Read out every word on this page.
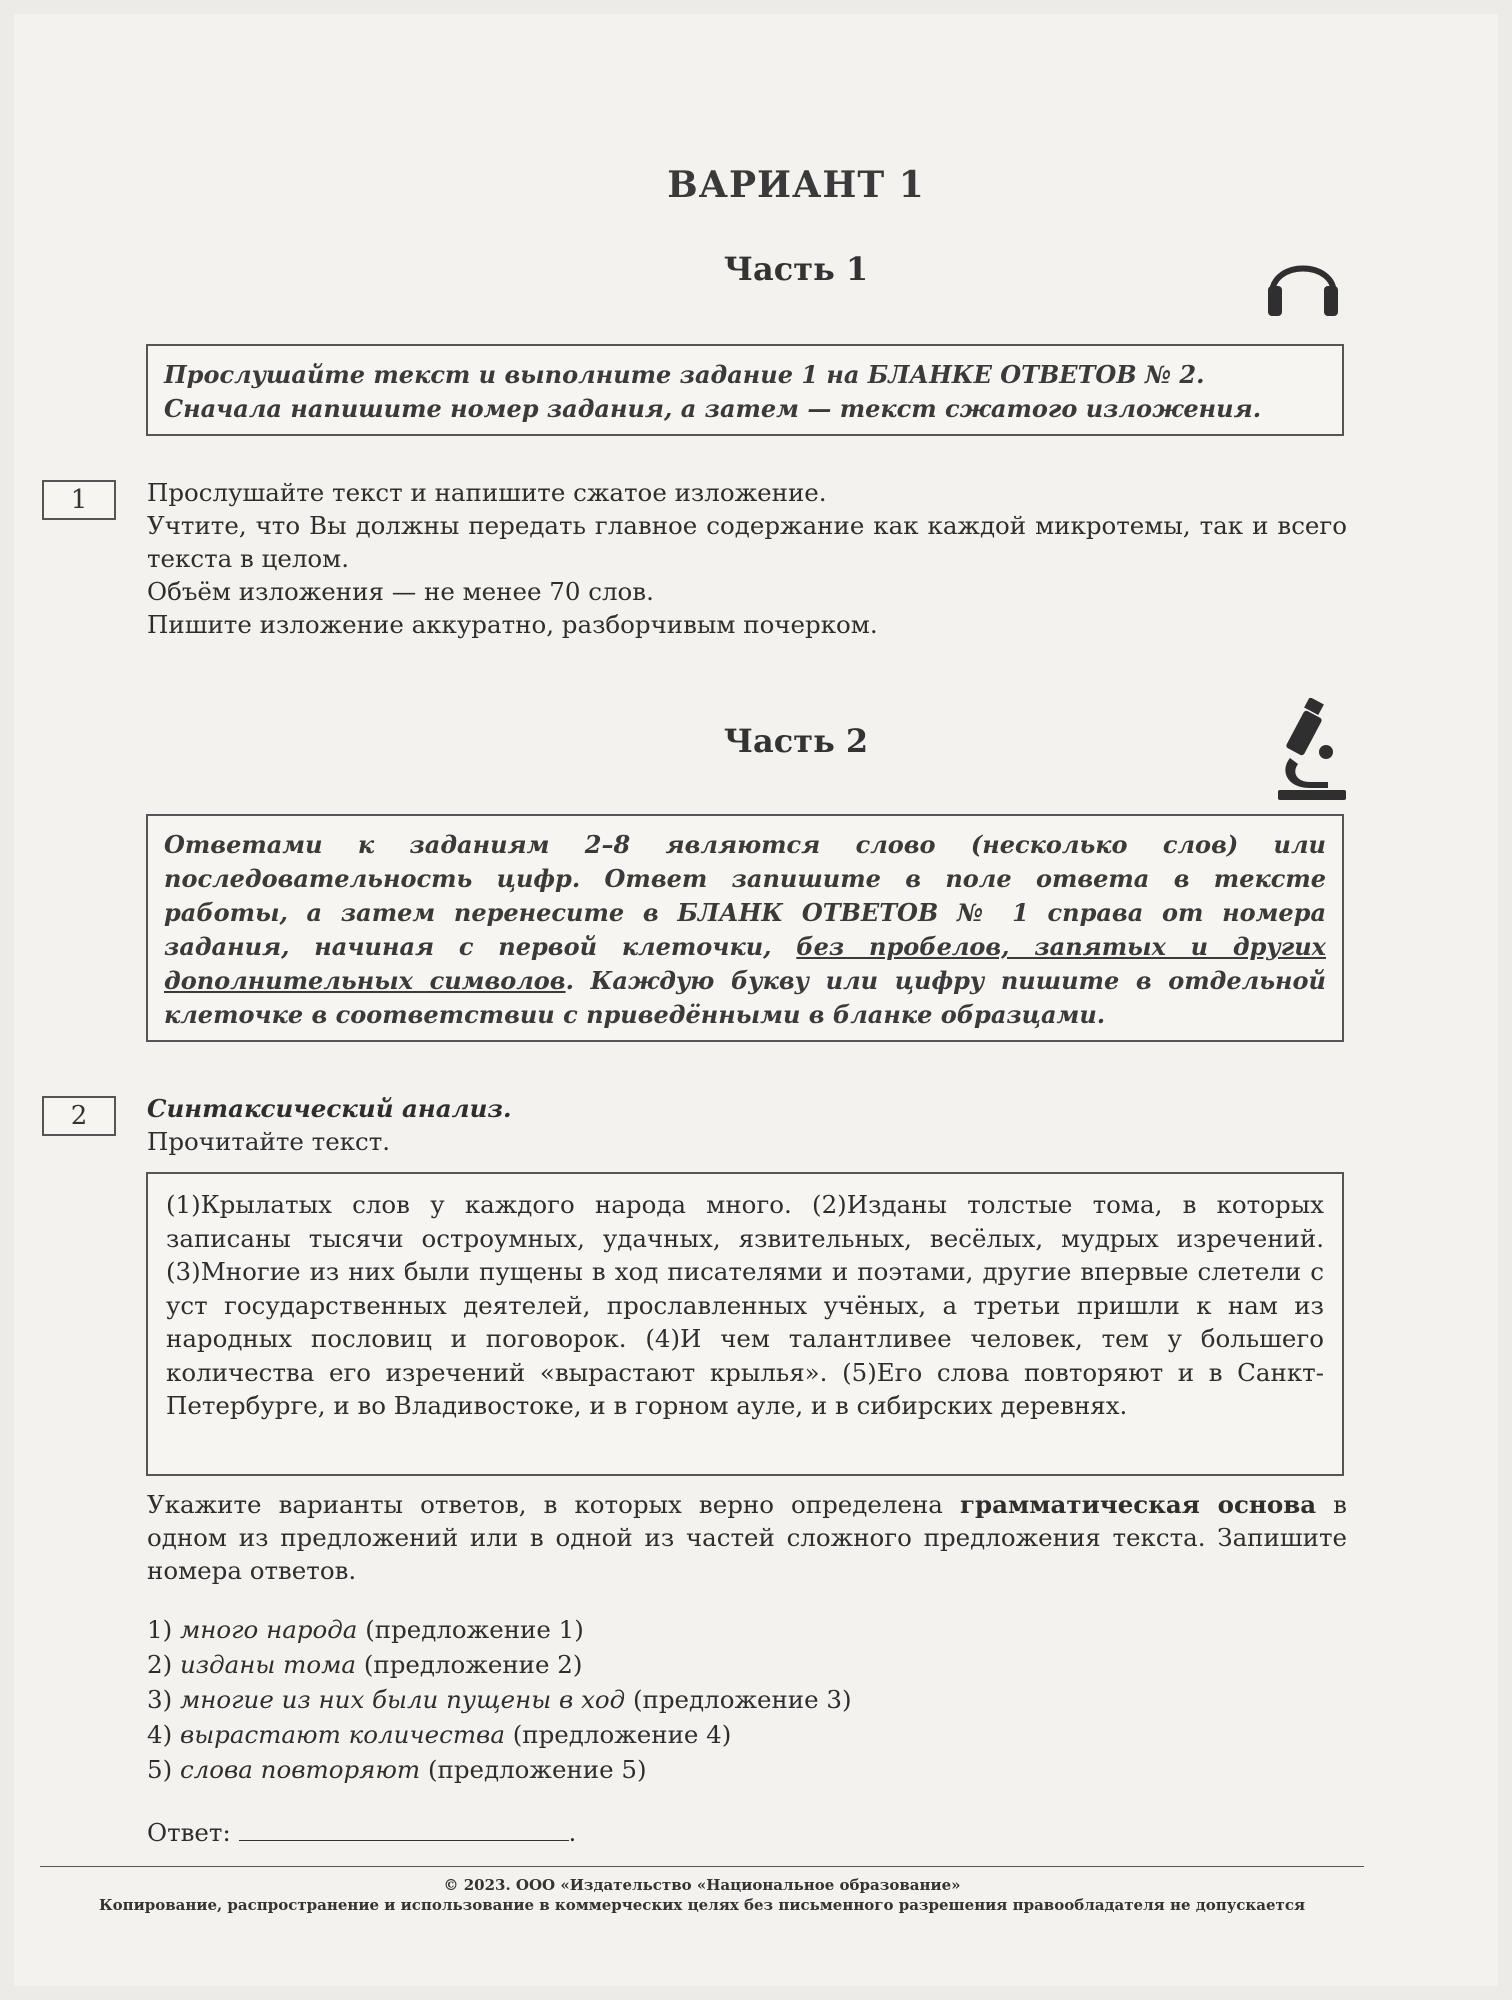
ВАРИАНТ 1
Часть 1
Прослушайте текст и выполните задание 1 на БЛАНКЕ ОТВЕТОВ № 2.
Сначала напишите номер задания, а затем — текст сжатого изложения.
1	Прослушайте текст и напишите сжатое изложение.
Учтите, что Вы должны передать главное содержание как каждой микротемы, так и всего текста в целом.
Объём изложения — не менее 70 слов.
Пишите изложение аккуратно, разборчивым почерком.
Часть 2
Ответами к заданиям 2–8 являются слово (несколько слов) или последовательность цифр. Ответ запишите в поле ответа в тексте работы, а затем перенесите в БЛАНК ОТВЕТОВ № 1 справа от номера задания, начиная с первой клеточки, без пробелов, запятых и других дополнительных символов. Каждую букву или цифру пишите в отдельной клеточке в соответствии с приведёнными в бланке образцами.
2	Синтаксический анализ.
Прочитайте текст.
(1)Крылатых слов у каждого народа много. (2)Изданы толстые тома, в которых записаны тысячи остроумных, удачных, язвительных, весёлых, мудрых изречений. (3)Многие из них были пущены в ход писателями и поэтами, другие впервые слетели с уст государственных деятелей, прославленных учёных, а третьи пришли к нам из народных пословиц и поговорок. (4)И чем талантливее человек, тем у большего количества его изречений «вырастают крылья». (5)Его слова повторяют и в Санкт-Петербурге, и во Владивостоке, и в горном ауле, и в сибирских деревнях.
Укажите варианты ответов, в которых верно определена грамматическая основа в одном из предложений или в одной из частей сложного предложения текста. Запишите номера ответов.
1) много народа (предложение 1)
2) изданы тома (предложение 2)
3) многие из них были пущены в ход (предложение 3)
4) вырастают количества (предложение 4)
5) слова повторяют (предложение 5)
Ответ:	.
© 2023. ООО «Издательство «Национальное образование»
Копирование, распространение и использование в коммерческих целях без письменного разрешения правообладателя не допускается
